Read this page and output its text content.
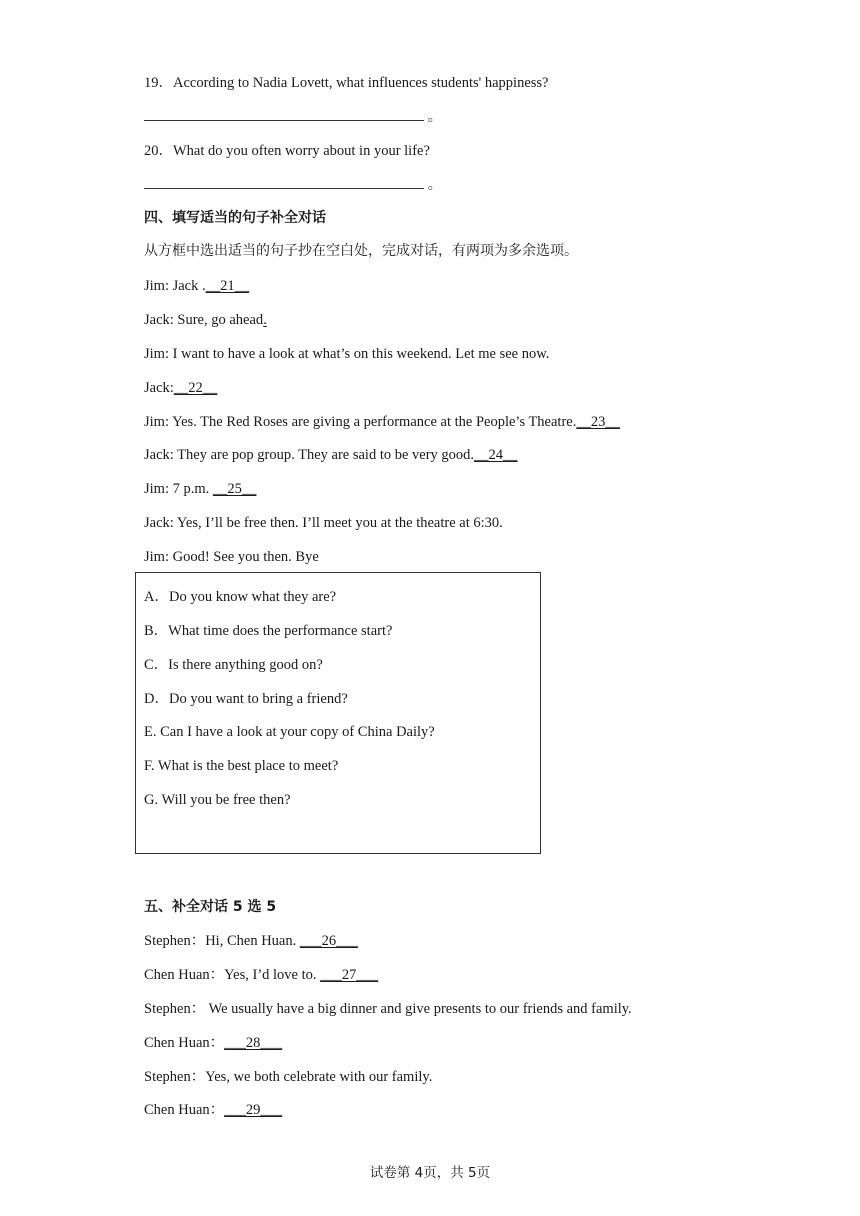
19．According to Nadia Lovett, what influences students' happiness?
。
20．What do you often worry about in your life?
。
四、填写适当的句子补全对话
从方框中选出适当的句子抄在空白处，完成对话，有两项为多余选项。
Jim: Jack .__21__
Jack: Sure, go ahead.
Jim: I want to have a look at what’s on this weekend. Let me see now.
Jack:__22__
Jim: Yes. The Red Roses are giving a performance at the People’s Theatre.__23__
Jack: They are pop group. They are said to be very good.__24__
Jim: 7 p.m. __25__
Jack: Yes, I’ll be free then. I’ll meet you at the theatre at 6:30.
Jim: Good! See you then. Bye
A．Do you know what they are?
B．What time does the performance start?
C．Is there anything good on?
D．Do you want to bring a friend?
E. Can I have a look at your copy of China Daily?
F. What is the best place to meet?
G. Will you be free then?
五、补全对话 5 选 5
Stephen：Hi, Chen Huan. ___26___
Chen Huan：Yes, I’d love to. ___27___
Stephen： We usually have a big dinner and give presents to our friends and family.
Chen Huan：___28___
Stephen：Yes, we both celebrate with our family.
Chen Huan：___29___
试卷第 4页，共 5页
